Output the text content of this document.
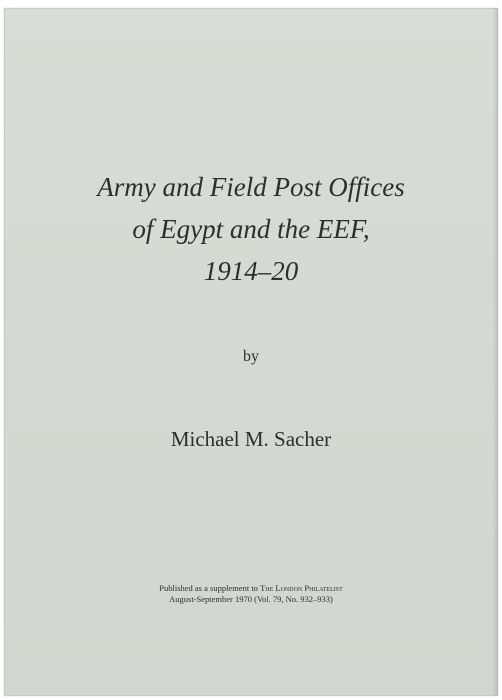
Army and Field Post Offices
of Egypt and the EEF,
1914–20
by
Michael M. Sacher
Published as a supplement to The London Philatelist
August-September 1970 (Vol. 79, No. 932–933)
